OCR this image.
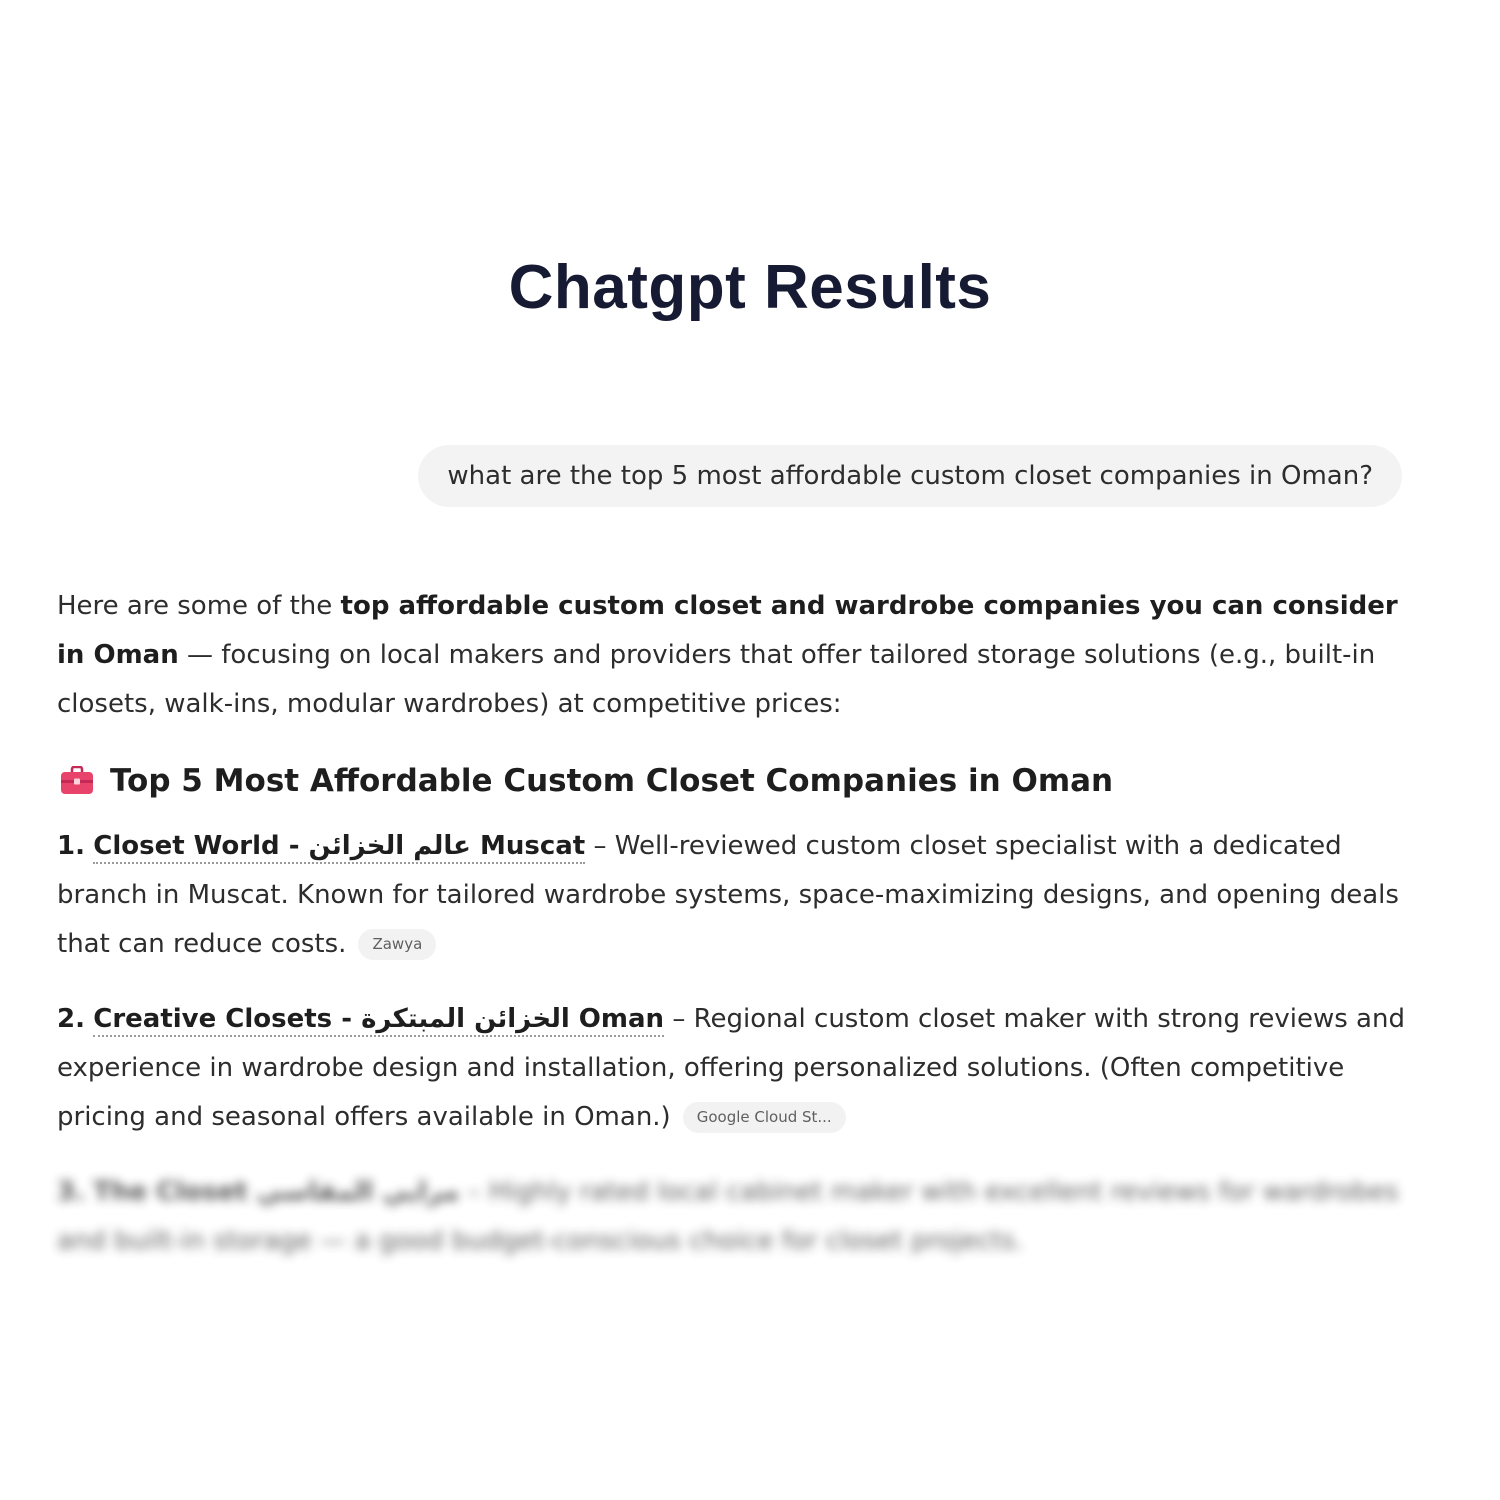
Chatgpt Results
what are the top 5 most affordable custom closet companies in Oman?

Here are some of the top affordable custom closet and wardrobe companies you can consider in Oman — focusing on local makers and providers that offer tailored storage solutions (e.g., built-in closets, walk-ins, modular wardrobes) at competitive prices:

Top 5 Most Affordable Custom Closet Companies in Oman

1. Closet World - عالم الخزائن Muscat – Well-reviewed custom closet specialist with a dedicated branch in Muscat. Known for tailored wardrobe systems, space-maximizing designs, and opening deals that can reduce costs. Zawya

2. Creative Closets - الخزائن المبتكرة Oman – Regional custom closet maker with strong reviews and experience in wardrobe design and installation, offering personalized solutions. (Often competitive pricing and seasonal offers available in Oman.) Google Cloud St...

3. The Closet مرايي المقاسي – Highly rated local cabinet maker with excellent reviews for wardrobes and built-in storage — a good budget-conscious choice for closet projects.
